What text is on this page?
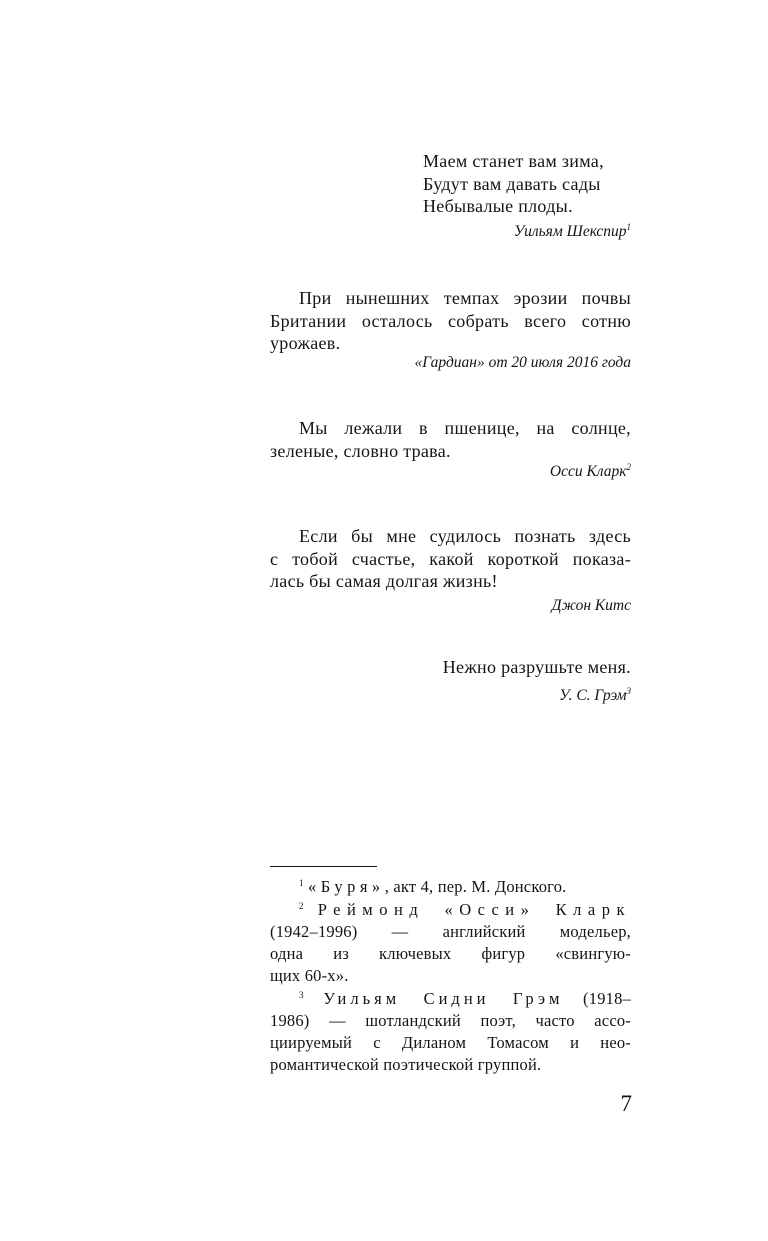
Маем станет вам зима,
Будут вам давать сады
Небывалые плоды.
Уильям Шекспир$^1$
При нынешних темпах эрозии почвы
Британии осталось собрать всего сотню
урожаев.
«Гардиан» от 20 июля 2016 года
Мы лежали в пшенице, на солнце,
зеленые, словно трава.
Осси Кларк$^2$
Если бы мне судилось познать здесь
с тобой счастье, какой короткой показа-
лась бы самая долгая жизнь!
Джон Китс
Нежно разрушьте меня.
У. С. Грэм$^3$
$^1$ «Буря», акт 4, пер. М. Донского.
$^2$ Реймонд «Осси» Кларк
(1942–1996) — английский модельер,
одна из ключевых фигур «свингую-
щих 60-х».
$^3$ Уильям Сидни Грэм (1918–
1986) — шотландский поэт, часто ассо-
циируемый с Диланом Томасом и нео-
романтической поэтической группой.
7
